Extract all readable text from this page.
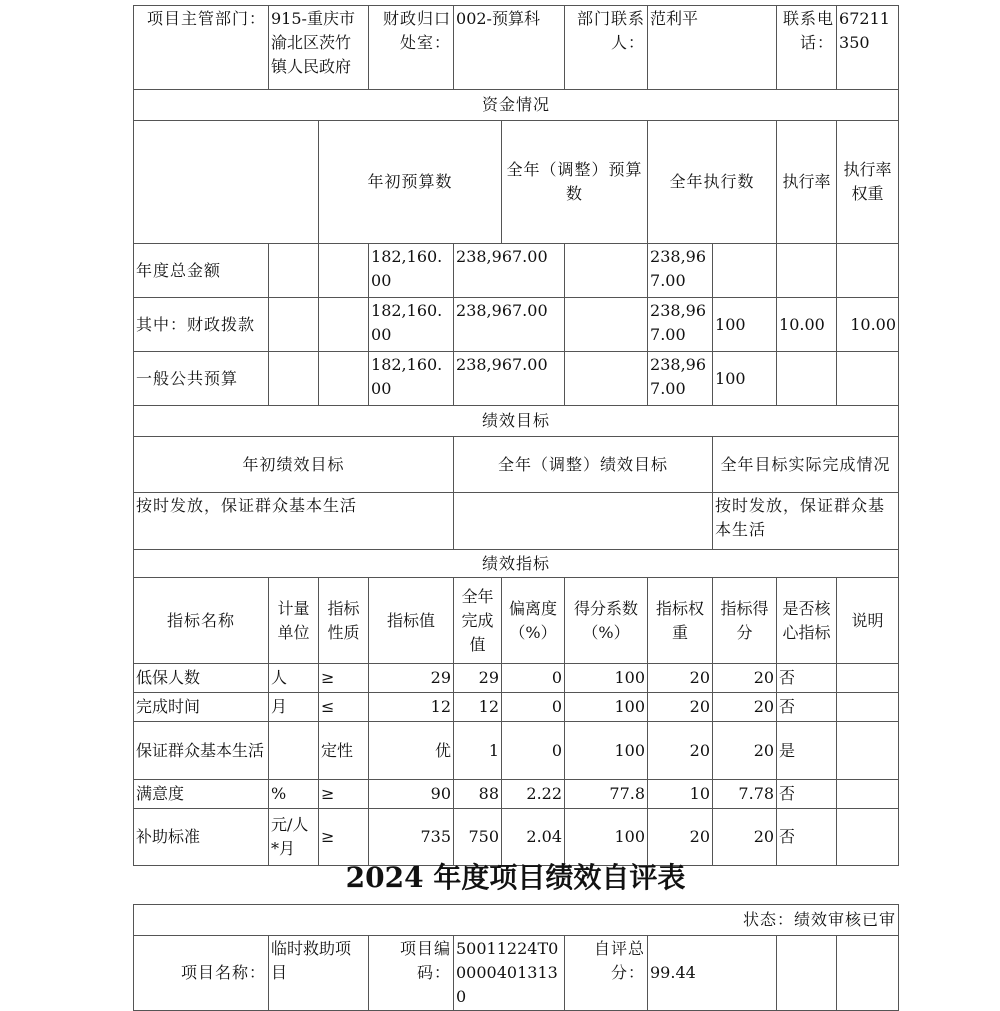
项目主管部门：	915-重庆市渝北区茨竹镇人民政府		财政归口处室：	002-预算科		部门联系人：	范利平		联系电话：	67211350	
资金情况											
		年初预算数			全年（调整）预算数		全年执行数		执行率	执行率权重	
年度总金额			182,160.00	238,967.00			238,967.00				
其中：财政拨款			182,160.00	238,967.00			238,967.00	100	10.00	10.00	
一般公共预算			182,160.00	238,967.00			238,967.00	100			
绩效目标											
年初绩效目标				全年（调整）绩效目标				全年目标实际完成情况			
按时发放，保证群众基本生活								按时发放，保证群众基本生活			
绩效指标											
指标名称	计量单位	指标性质	指标值	全年完成值	偏离度（%）	得分系数（%）	指标权重	指标得分	是否核心指标	说明	
低保人数	人	≥	29	29	0	100	20	20	否		
完成时间	月	≤	12	12	0	100	20	20	否		
保证群众基本生活		定性	优	1	0	100	20	20	是		
满意度	%	≥	90	88	2.22	77.8	10	7.78	否		
补助标准	元/人*月	≥	735	750	2.04	100	20	20	否		
2024 年度项目绩效自评表
状态：绩效审核已审
项目名称：	临时救助项目	项目编码：	50011224T000004013130	自评总分：	99.44		
